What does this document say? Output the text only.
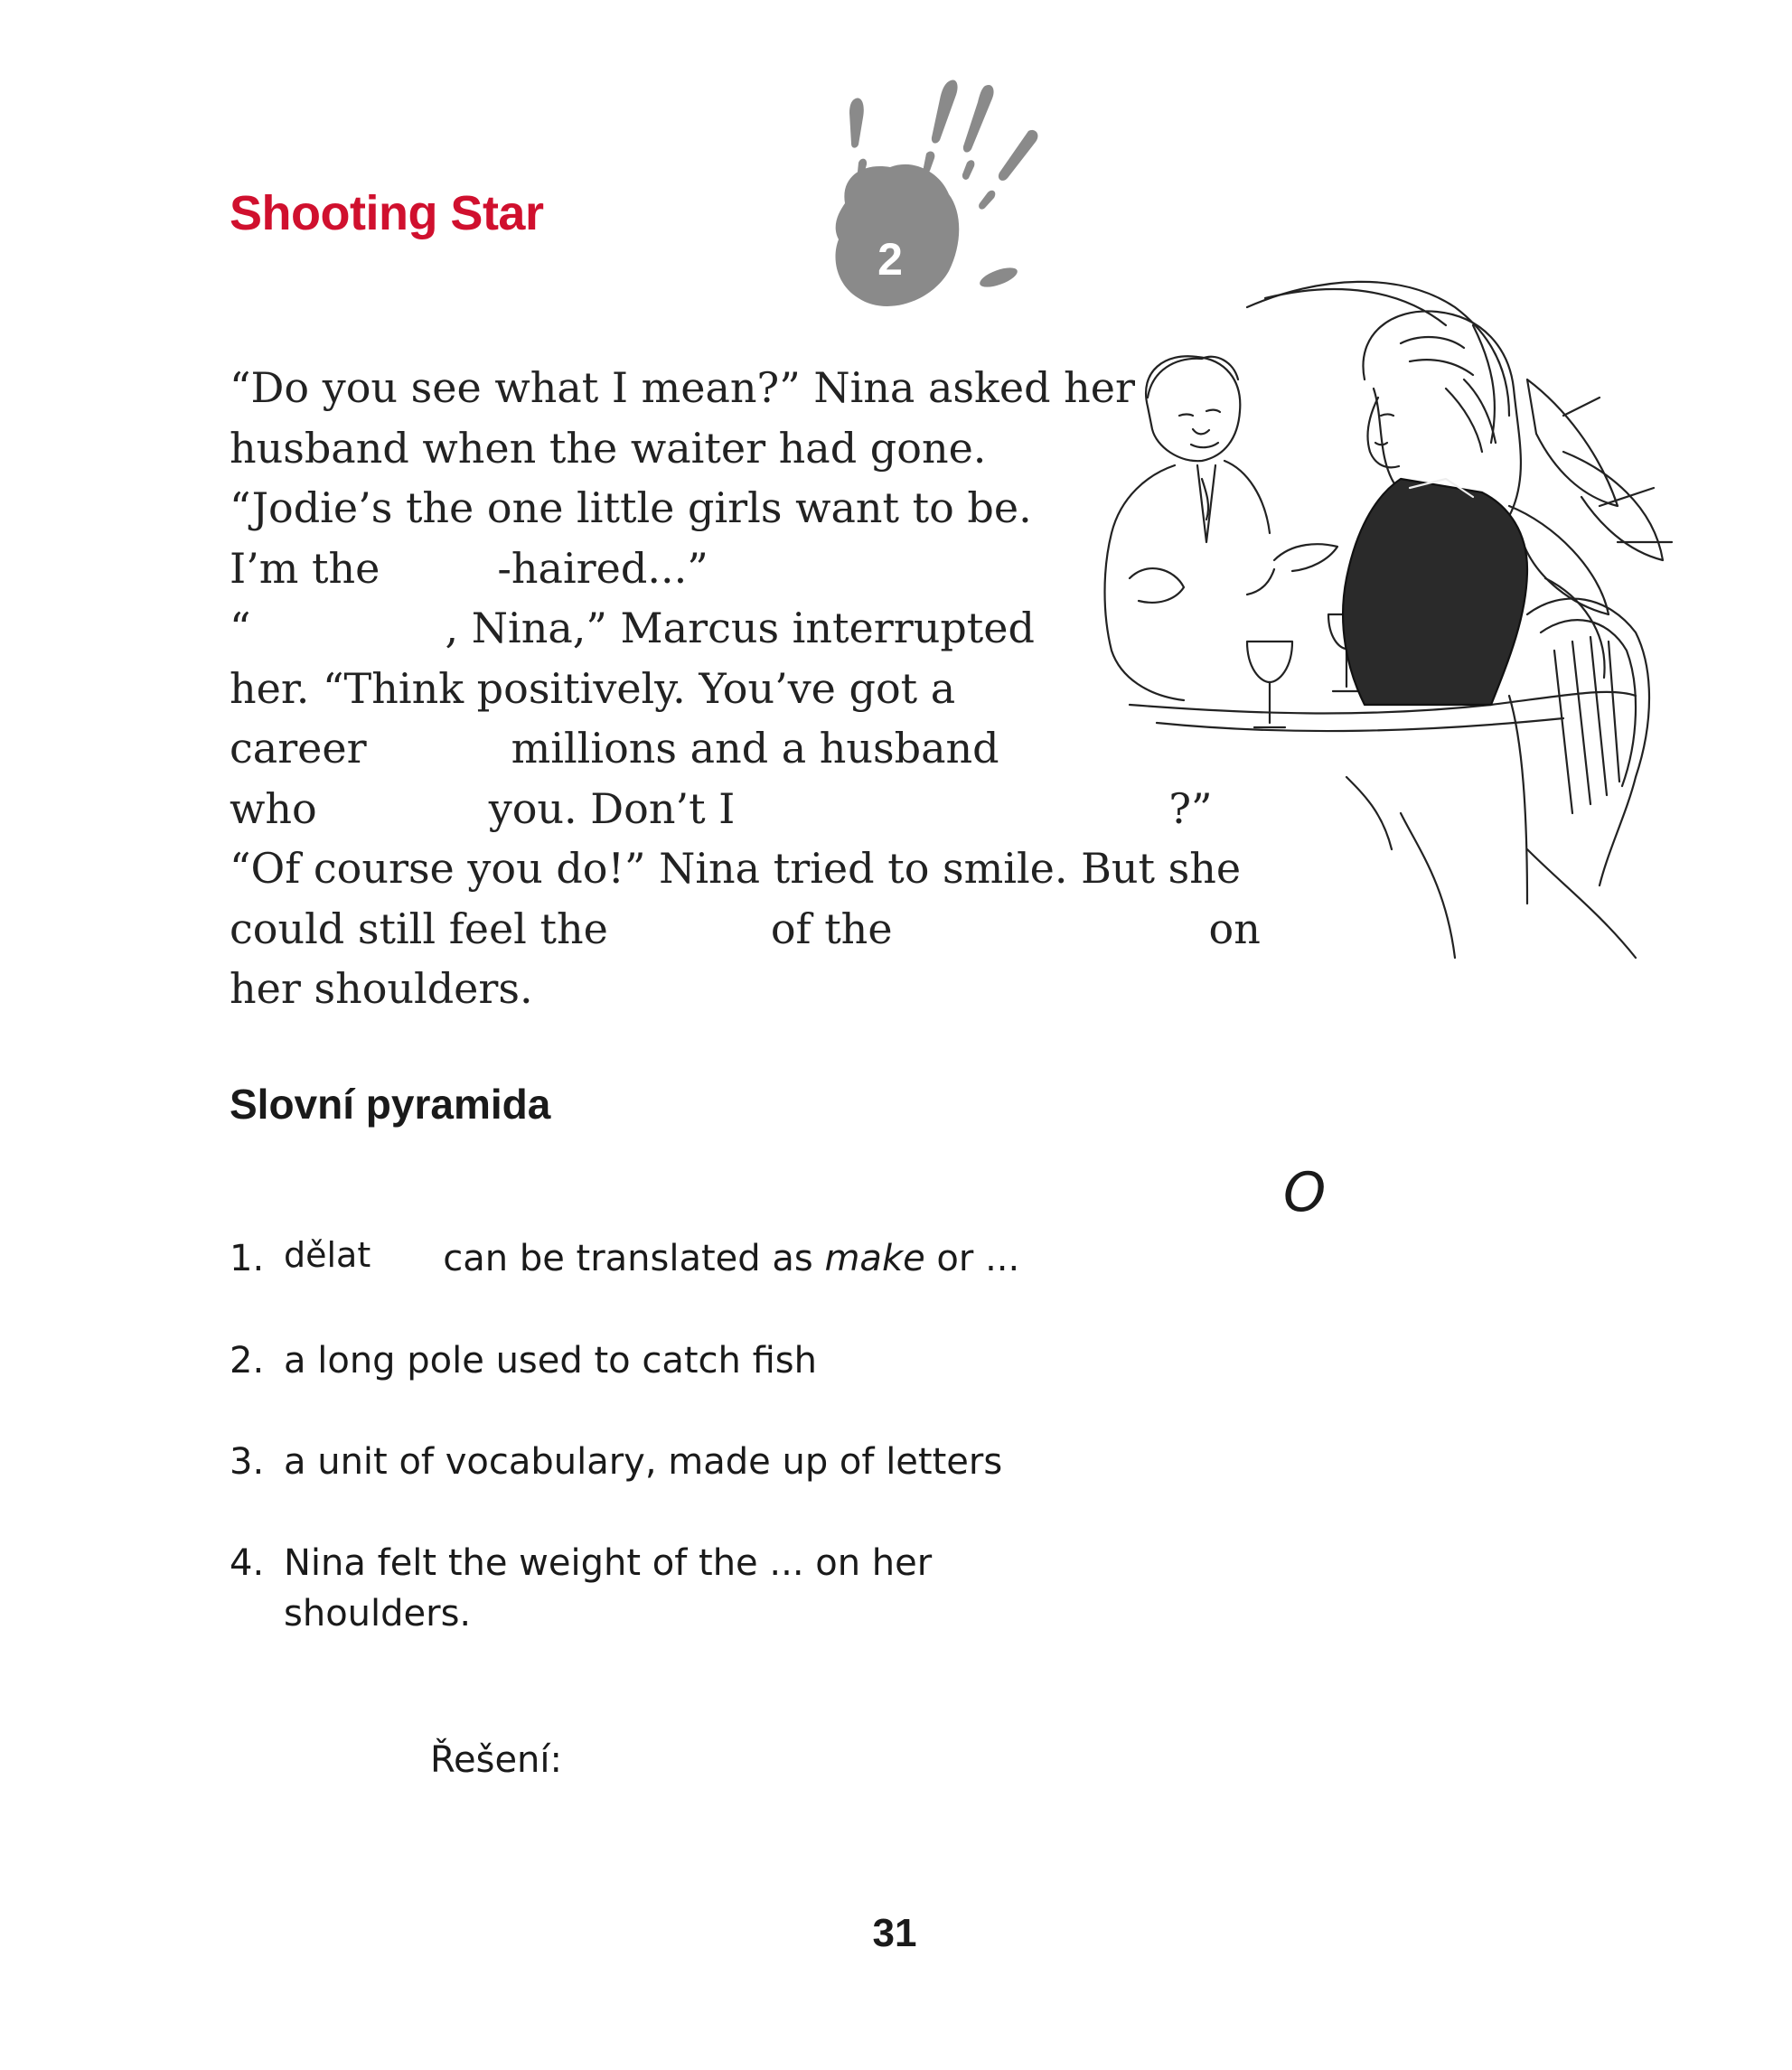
Shooting Star
2
“Do you see what I mean?” Nina asked her
husband when the waiter had gone.
“Jodie’s the one little girls want to be.
I’m the	-haired...”
“	, Nina,” Marcus interrupted
her. “Think positively. You’ve got a
career	millions and a husband
who	you. Don’t I	?”
“Of course you do!” Nina tried to smile. But she
could still feel the	of the	on
her shoulders.
Slovní pyramida
O
1. dělat can be translated as make or ...
2. a long pole used to catch fish
3. a unit of vocabulary, made up of letters
4. Nina felt the weight of the ... on her
shoulders.
Řešení:
31
